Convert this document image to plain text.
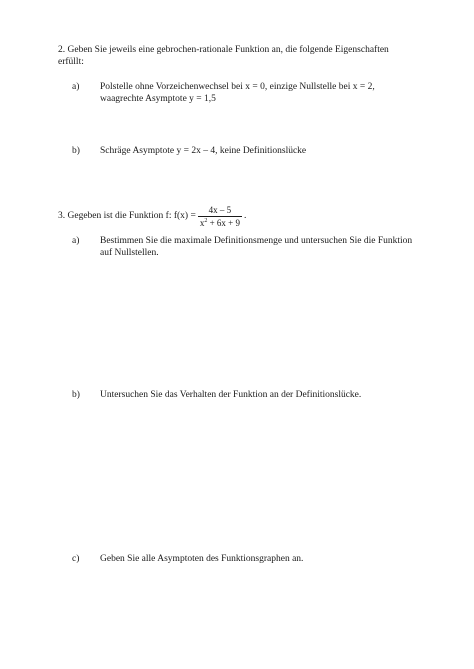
2. Geben Sie jeweils eine gebrochen-rationale Funktion an, die folgende Eigenschaften
erfüllt:
a) Polstelle ohne Vorzeichenwechsel bei x = 0, einzige Nullstelle bei x = 2,
waagrechte Asymptote y = 1,5
b) Schräge Asymptote y = 2x – 4, keine Definitionslücke
3. Gegeben ist die Funktion f: $f(x) = \frac{4x - 5}{x^2 + 6x + 9}$ .
a) Bestimmen Sie die maximale Definitionsmenge und untersuchen Sie die Funktion
auf Nullstellen.
b) Untersuchen Sie das Verhalten der Funktion an der Definitionslücke.
c) Geben Sie alle Asymptoten des Funktionsgraphen an.
